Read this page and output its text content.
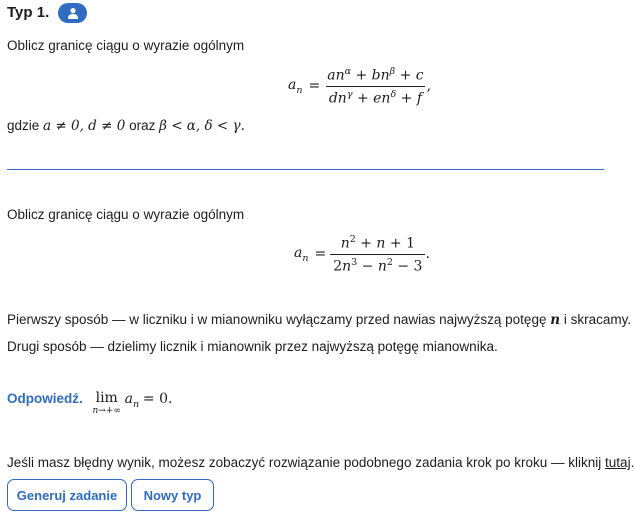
Typ 1.
Oblicz granicę ciągu o wyrazie ogólnym
$a_n = \frac{an^\alpha + bn^\beta + c}{dn^\gamma + en^\delta + f}$ ,
gdzie a ≠ 0, d ≠ 0 oraz β < α, δ < γ.
Oblicz granicę ciągu o wyrazie ogólnym
$a_n = \frac{n^2 + n + 1}{2n^3 - n^2 - 3}$ .
Pierwszy sposób — w liczniku i w mianowniku wyłączamy przed nawias najwyższą potęgę n i skracamy.
Drugi sposób — dzielimy licznik i mianownik przez najwyższą potęgę mianownika.
Odpowiedź. lim
n→+∞
$a_n = 0$.
Jeśli masz błędny wynik, możesz zobaczyć rozwiązanie podobnego zadania krok po kroku — kliknij tutaj.
Generuj zadanie	Nowy typ
